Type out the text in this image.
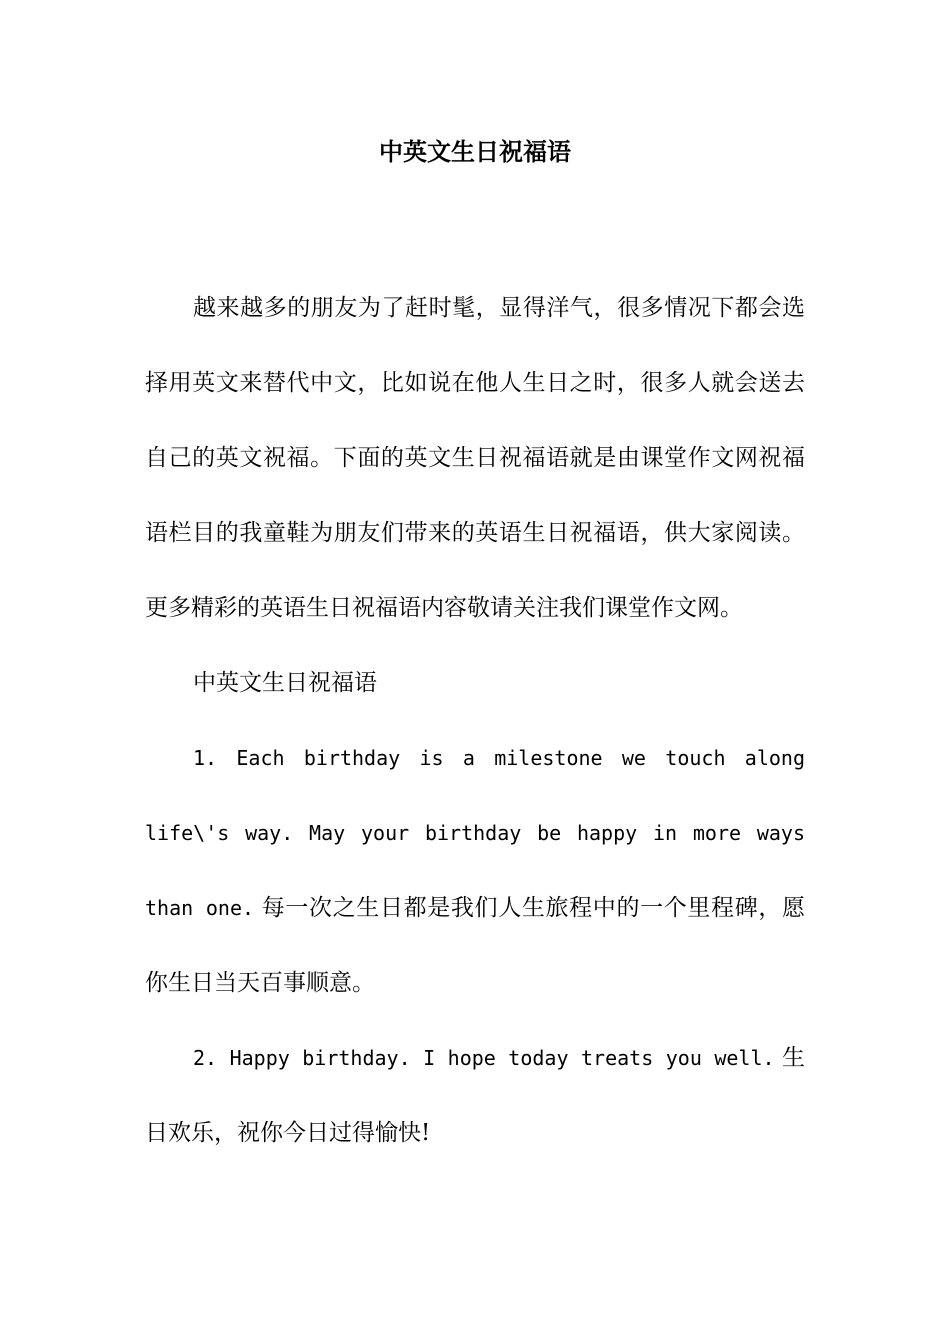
中英文生日祝福语

越来越多的朋友为了赶时髦，显得洋气，很多情况下都会选择用英文来替代中文，比如说在他人生日之时，很多人就会送去自己的英文祝福。下面的英文生日祝福语就是由课堂作文网祝福语栏目的我童鞋为朋友们带来的英语生日祝福语，供大家阅读。更多精彩的英语生日祝福语内容敬请关注我们课堂作文网。

中英文生日祝福语

1. Each birthday is a milestone we touch along life\'s way. May your birthday be happy in more ways than one. 每一次之生日都是我们人生旅程中的一个里程碑，愿你生日当天百事顺意。

2. Happy birthday. I hope today treats you well. 生日欢乐，祝你今日过得愉快!
